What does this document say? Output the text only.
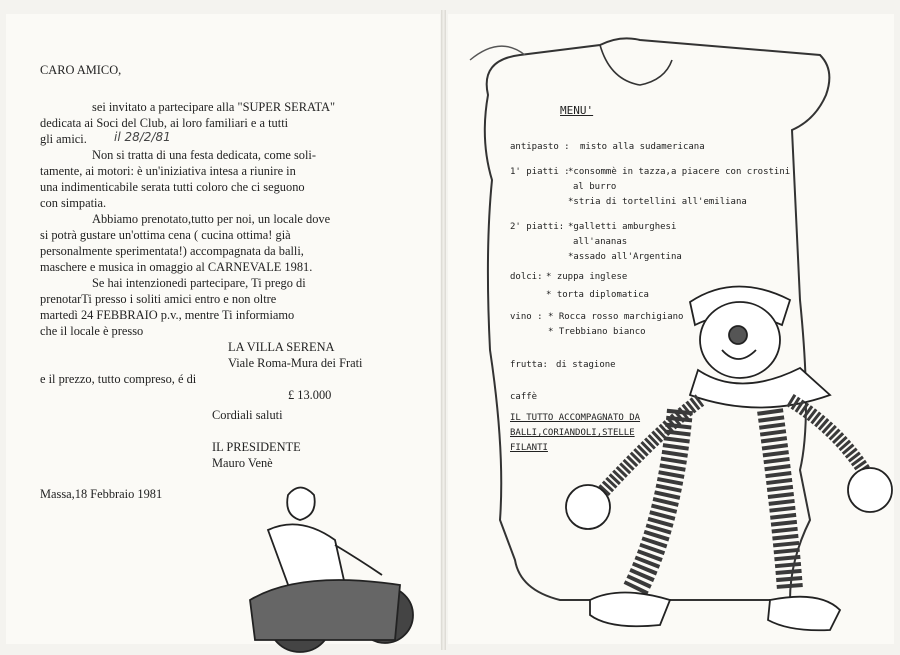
CARO AMICO,
sei invitato a partecipare alla "SUPER SERATA"
dedicata ai Soci del Club, ai loro familiari e a tutti
gli amici.
Non si tratta di una festa dedicata, come soli-
tamente, ai motori: è un'iniziativa intesa a riunire in
una indimenticabile serata tutti coloro che ci seguono
con simpatia.
Abbiamo prenotato,tutto per noi, un locale dove
si potrà gustare un'ottima cena ( cucina ottima! già
personalmente sperimentata!) accompagnata da balli,
maschere e musica in omaggio al CARNEVALE 1981.
Se hai intenzionedi partecipare, Ti prego di
prenotarTi presso i soliti amici entro e non oltre
martedì 24 FEBBRAIO p.v., mentre Ti informiamo
che il locale è presso
LA VILLA SERENA
Viale Roma-Mura dei Frati
e il prezzo, tutto compreso, é di
£ 13.000
Cordiali saluti
IL PRESIDENTE
Mauro Venè
Massa,18 Febbraio 1981
il 28/2/81
MENU'
antipasto : misto alla sudamericana
1' piatti :
*consommè in tazza,a piacere con crostini
al burro
*stria di tortellini all'emiliana
2' piatti: *galletti amburghesi
all'ananas
*assado all'Argentina
dolci: * zuppa inglese
* torta diplomatica
vino : * Rocca rosso marchigiano
* Trebbiano bianco
frutta: di stagione
caffè
IL TUTTO ACCOMPAGNATO DA
BALLI,CORIANDOLI,STELLE
FILANTI
